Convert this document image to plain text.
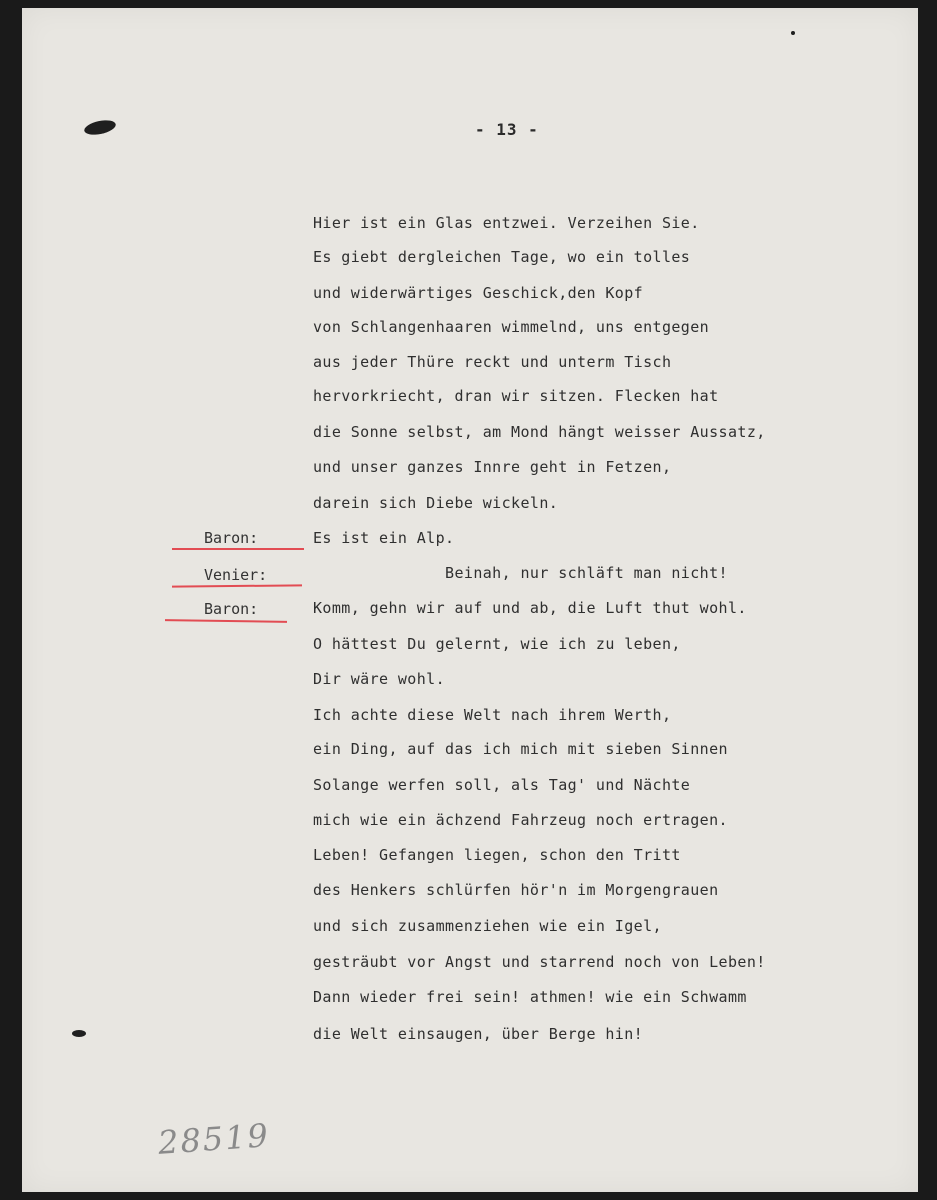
- 13 -
Baron:
Venier:
Baron:
Hier ist ein Glas entzwei. Verzeihen Sie.
Es giebt dergleichen Tage, wo ein tolles
und widerwärtiges Geschick,den Kopf
von Schlangenhaaren wimmelnd, uns entgegen
aus jeder Thüre reckt und unterm Tisch
hervorkriecht, dran wir sitzen. Flecken hat
die Sonne selbst, am Mond hängt weisser Aussatz,
und unser ganzes Innre geht in Fetzen,
darein sich Diebe wickeln.
Es ist ein Alp.
Beinah, nur schläft man nicht!
Komm, gehn wir auf und ab, die Luft thut wohl.
O hättest Du gelernt, wie ich zu leben,
Dir wäre wohl.
Ich achte diese Welt nach ihrem Werth,
ein Ding, auf das ich mich mit sieben Sinnen
Solange werfen soll, als Tag' und Nächte
mich wie ein ächzend Fahrzeug noch ertragen.
Leben! Gefangen liegen, schon den Tritt
des Henkers schlürfen hör'n im Morgengrauen
und sich zusammenziehen wie ein Igel,
gesträubt vor Angst und starrend noch von Leben!
Dann wieder frei sein! athmen! wie ein Schwamm
die Welt einsaugen, über Berge hin!
28519
